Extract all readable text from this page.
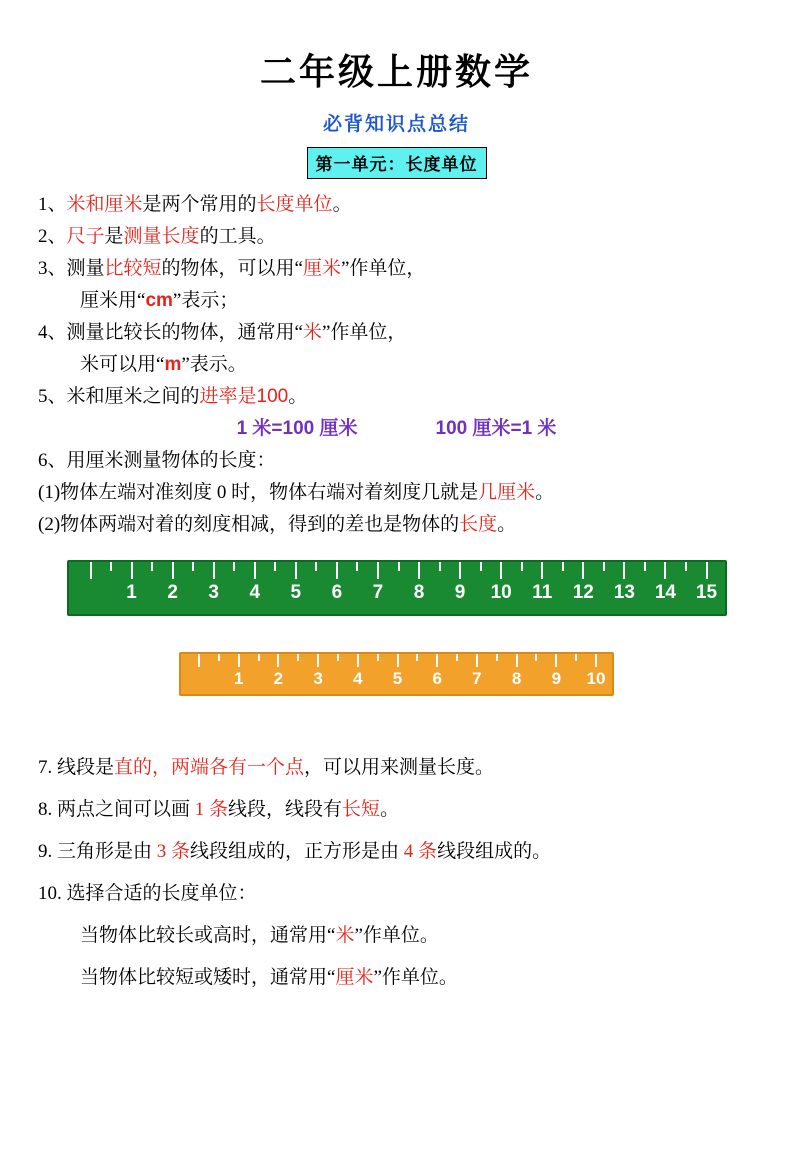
二年级上册数学
必背知识点总结
第一单元：长度单位
1、米和厘米是两个常用的长度单位。
2、尺子是测量长度的工具。
3、测量比较短的物体，可以用“厘米”作单位，
厘米用“cm”表示；
4、测量比较长的物体，通常用“米”作单位，
米可以用“m”表示。
5、米和厘米之间的进率是100。
1 米=100 厘米	100 厘米=1 米
6、用厘米测量物体的长度：
(1)物体左端对准刻度 0 时，物体右端对着刻度几就是几厘米。
(2)物体两端对着的刻度相减，得到的差也是物体的长度。
1 2 3 4 5 6 7 8 9 10 11 12 13 14 15
1 2 3 4 5 6 7 8 9 10
7. 线段是直的，两端各有一个点，可以用来测量长度。
8. 两点之间可以画 1 条线段，线段有长短。
9. 三角形是由 3 条线段组成的，正方形是由 4 条线段组成的。
10. 选择合适的长度单位：
当物体比较长或高时，通常用“米”作单位。
当物体比较短或矮时，通常用“厘米”作单位。
